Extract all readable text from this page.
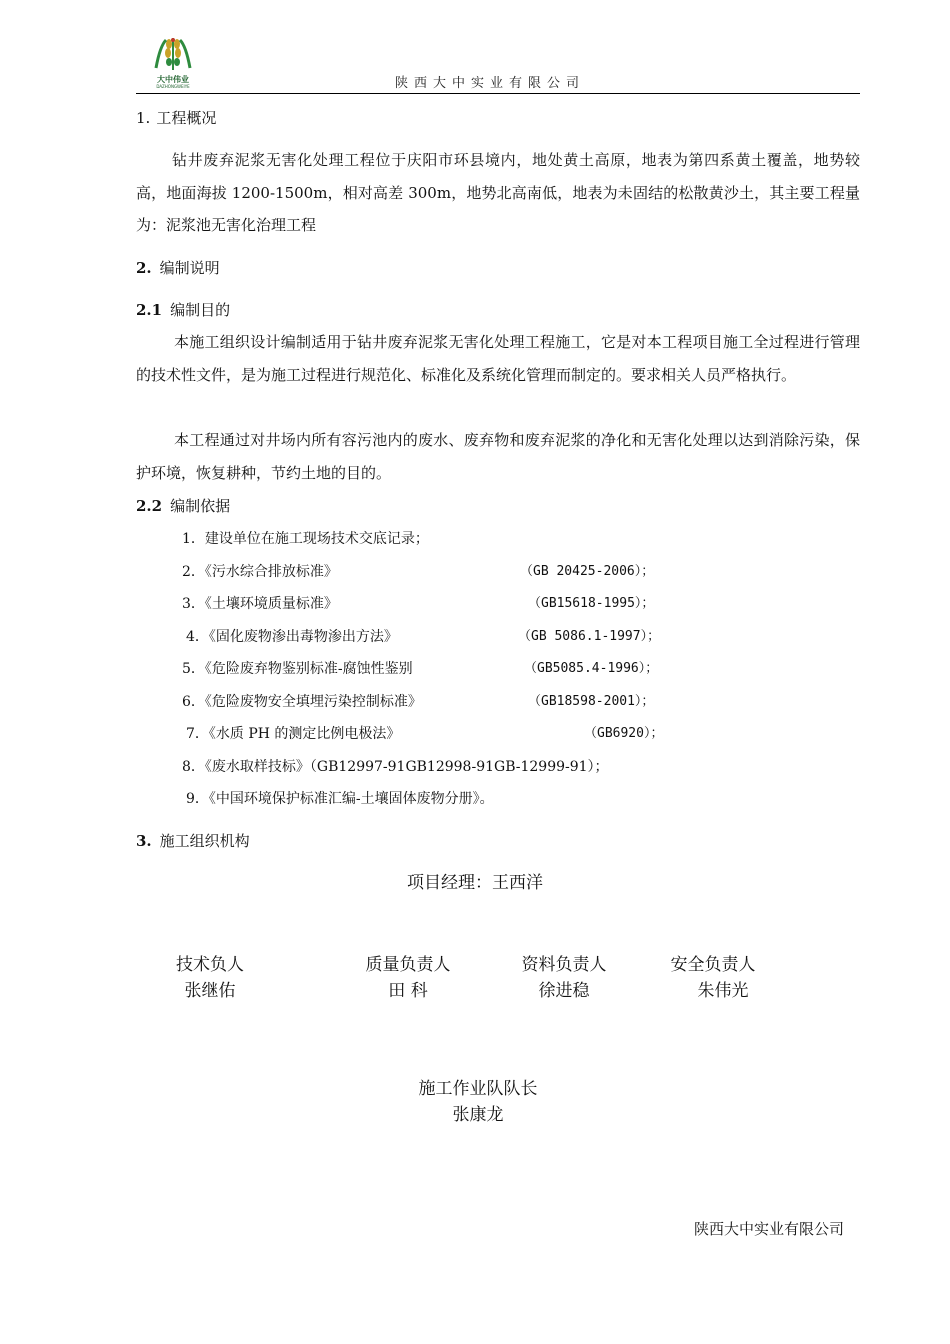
大中伟业
DAZHONGWEIYE	陕西大中实业有限公司
1. 工程概况
钻井废弃泥浆无害化处理工程位于庆阳市环县境内，地处黄土高原，地表为第四系黄土覆盖，地势较高，地面海拔 1200-1500m，相对高差 300m，地势北高南低，地表为未固结的松散黄沙土，其主要工程量为：泥浆池无害化治理工程
2. 编制说明
2.1 编制目的
本施工组织设计编制适用于钻井废弃泥浆无害化处理工程施工，它是对本工程项目施工全过程进行管理的技术性文件，是为施工过程进行规范化、标准化及系统化管理而制定的。要求相关人员严格执行。
本工程通过对井场内所有容污池内的废水、废弃物和废弃泥浆的净化和无害化处理以达到消除污染，保护环境，恢复耕种，节约土地的目的。
2.2 编制依据
1．建设单位在施工现场技术交底记录；
2．《污水综合排放标准》	（GB 20425-2006）；
3．《土壤环境质量标准》	（GB15618-1995）；
4．《固化废物渗出毒物渗出方法》	（GB 5086.1-1997）；
5．《危险废弃物鉴别标准-腐蚀性鉴别	（GB5085.4-1996）；
6．《危险废物安全填埋污染控制标准》	（GB18598-2001）；
7．《水质 PH 的测定比例电极法》	（GB6920）；
8．《废水取样技标》（GB12997-91GB12998-91GB-12999-91）；
9．《中国环境保护标准汇编-土壤固体废物分册》。
3. 施工组织机构
项目经理：王西洋
技术负人
张继佑
质量负责人
田 科
资料负责人
徐进稳
安全负责人
朱伟光
施工作业队队长
张康龙
陕西大中实业有限公司
